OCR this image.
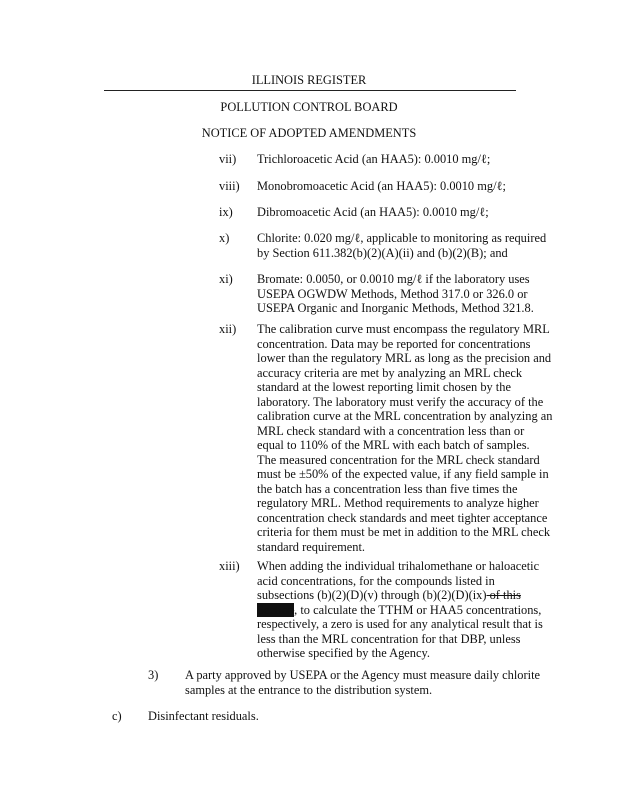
ILLINOIS REGISTER
POLLUTION CONTROL BOARD
NOTICE OF ADOPTED AMENDMENTS
vii) Trichloroacetic Acid (an HAA5): 0.0010 mg/ℓ;
viii) Monobromoacetic Acid (an HAA5): 0.0010 mg/ℓ;
ix) Dibromoacetic Acid (an HAA5): 0.0010 mg/ℓ;
x) Chlorite: 0.020 mg/ℓ, applicable to monitoring as required
by Section 611.382(b)(2)(A)(ii) and (b)(2)(B); and
xi) Bromate: 0.0050, or 0.0010 mg/ℓ if the laboratory uses
USEPA OGWDW Methods, Method 317.0 or 326.0 or
USEPA Organic and Inorganic Methods, Method 321.8.
xii) The calibration curve must encompass the regulatory MRL
concentration. Data may be reported for concentrations
lower than the regulatory MRL as long as the precision and
accuracy criteria are met by analyzing an MRL check
standard at the lowest reporting limit chosen by the
laboratory. The laboratory must verify the accuracy of the
calibration curve at the MRL concentration by analyzing an
MRL check standard with a concentration less than or
equal to 110% of the MRL with each batch of samples.
The measured concentration for the MRL check standard
must be ±50% of the expected value, if any field sample in
the batch has a concentration less than five times the
regulatory MRL. Method requirements to analyze higher
concentration check standards and meet tighter acceptance
criteria for them must be met in addition to the MRL check
standard requirement.
xiii) When adding the individual trihalomethane or haloacetic
acid concentrations, for the compounds listed in
subsections (b)(2)(D)(v) through (b)(2)(D)(ix) of this
Section, to calculate the TTHM or HAA5 concentrations,
respectively, a zero is used for any analytical result that is
less than the MRL concentration for that DBP, unless
otherwise specified by the Agency.
3) A party approved by USEPA or the Agency must measure daily chlorite
samples at the entrance to the distribution system.
c) Disinfectant residuals.
